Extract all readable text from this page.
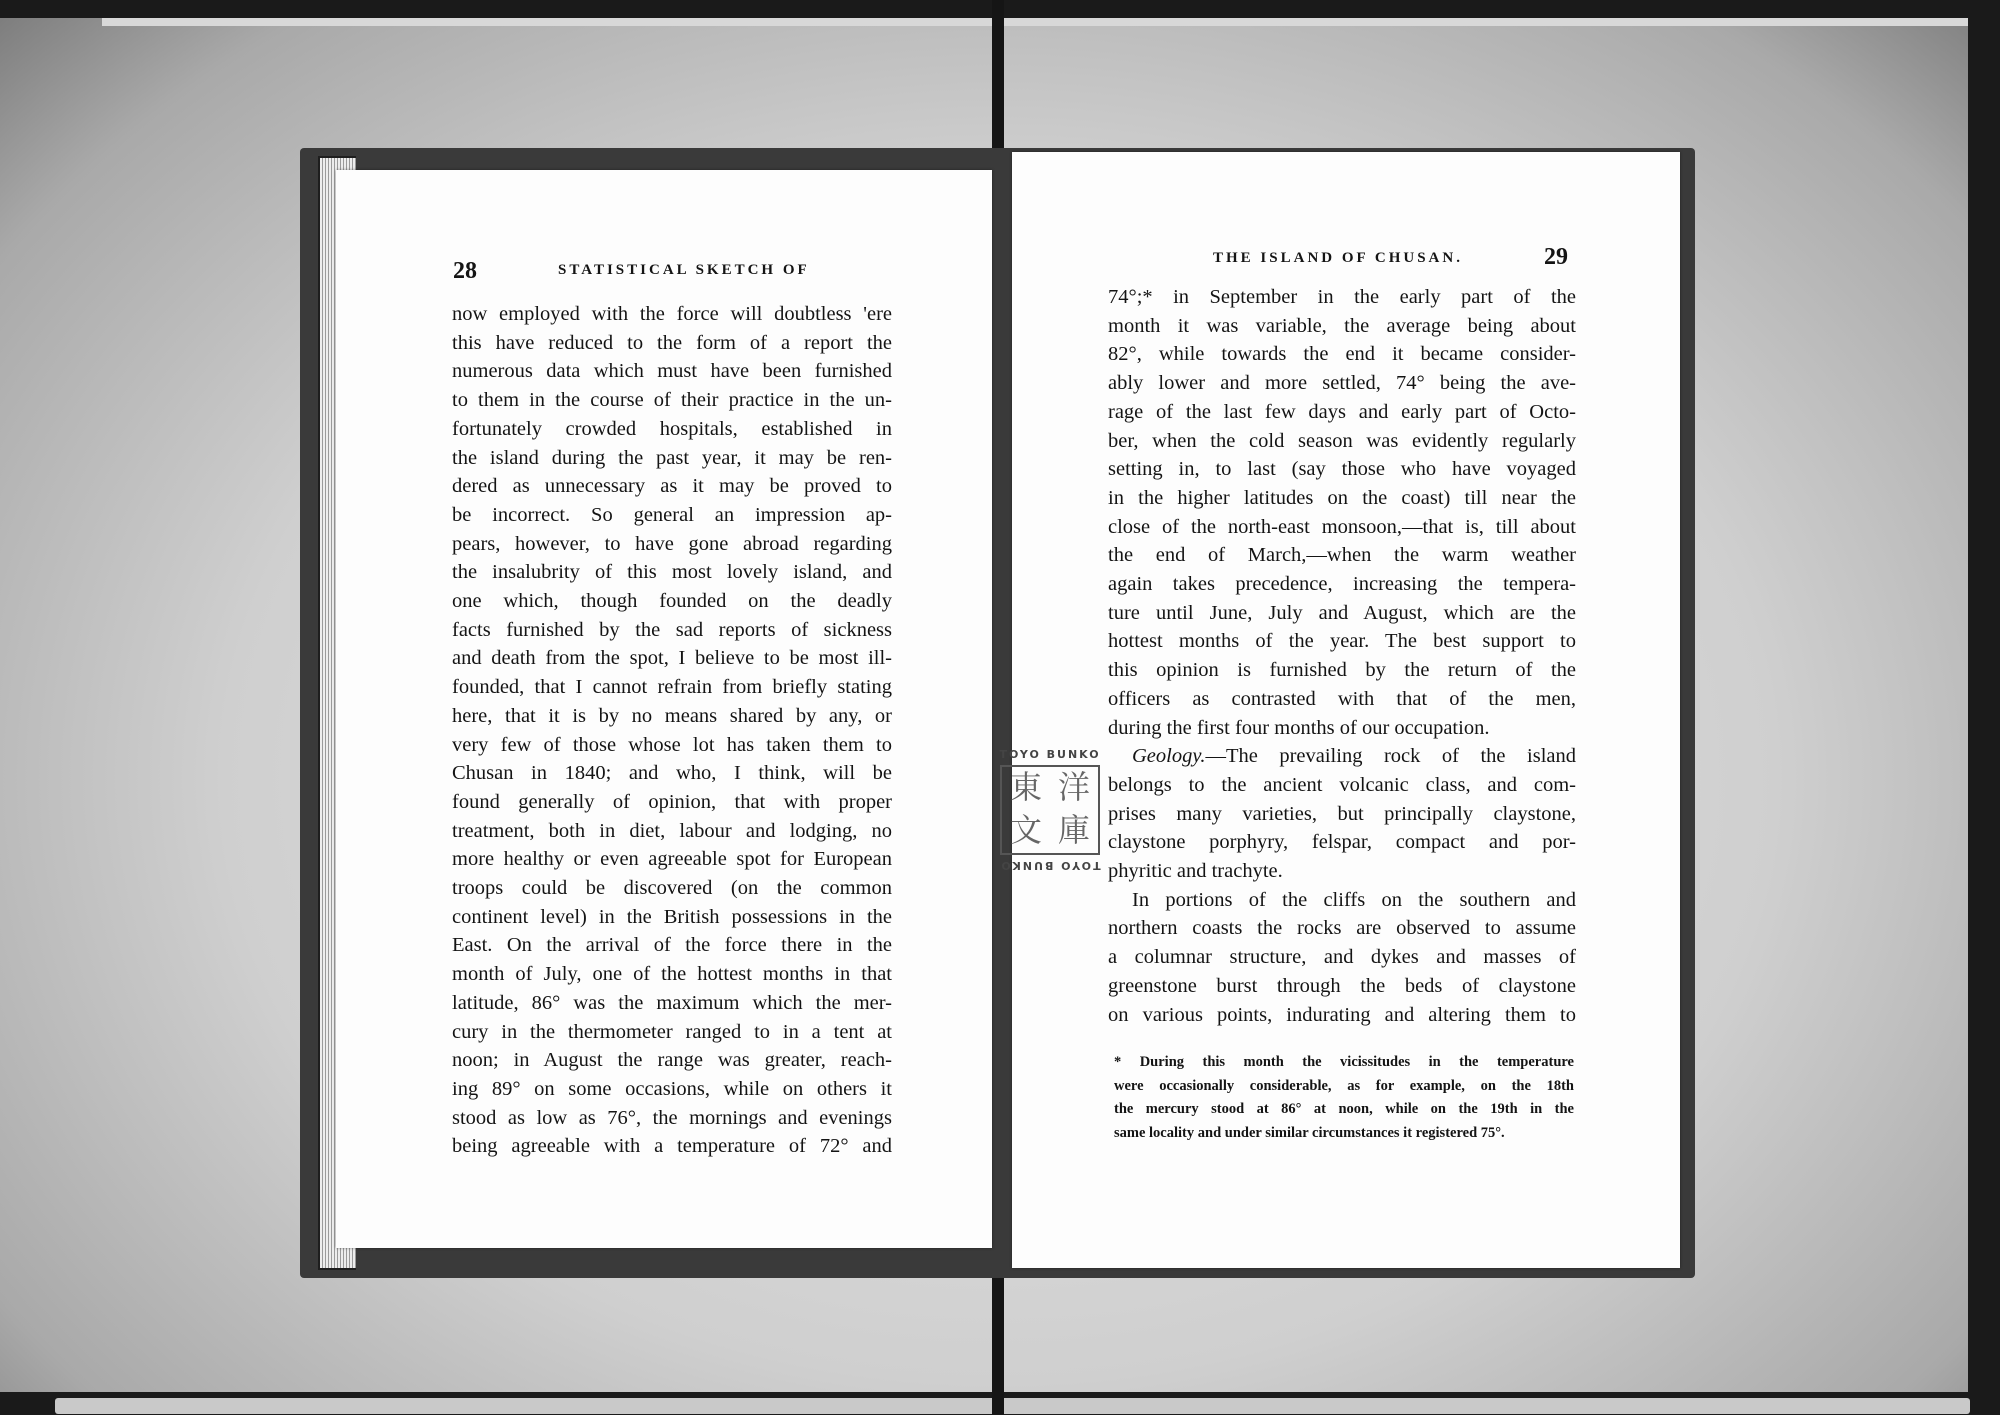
28	STATISTICAL SKETCH OF
now employed with the force will doubtless 'ere
this have reduced to the form of a report the
numerous data which must have been furnished
to them in the course of their practice in the un-
fortunately crowded hospitals, established in
the island during the past year, it may be ren-
dered as unnecessary as it may be proved to
be incorrect. So general an impression ap-
pears, however, to have gone abroad regarding
the insalubrity of this most lovely island, and
one which, though founded on the deadly
facts furnished by the sad reports of sickness
and death from the spot, I believe to be most ill-
founded, that I cannot refrain from briefly stating
here, that it is by no means shared by any, or
very few of those whose lot has taken them to
Chusan in 1840; and who, I think, will be
found generally of opinion, that with proper
treatment, both in diet, labour and lodging, no
more healthy or even agreeable spot for European
troops could be discovered (on the common
continent level) in the British possessions in the
East. On the arrival of the force there in the
month of July, one of the hottest months in that
latitude, 86° was the maximum which the mer-
cury in the thermometer ranged to in a tent at
noon; in August the range was greater, reach-
ing 89° on some occasions, while on others it
stood as low as 76°, the mornings and evenings
being agreeable with a temperature of 72° and
THE ISLAND OF CHUSAN.	29
74°;* in September in the early part of the
month it was variable, the average being about
82°, while towards the end it became consider-
ably lower and more settled, 74° being the ave-
rage of the last few days and early part of Octo-
ber, when the cold season was evidently regularly
setting in, to last (say those who have voyaged
in the higher latitudes on the coast) till near the
close of the north-east monsoon,—that is, till about
the end of March,—when the warm weather
again takes precedence, increasing the tempera-
ture until June, July and August, which are the
hottest months of the year. The best support to
this opinion is furnished by the return of the
officers as contrasted with that of the men,
during the first four months of our occupation.
Geology.—The prevailing rock of the island
belongs to the ancient volcanic class, and com-
prises many varieties, but principally claystone,
claystone porphyry, felspar, compact and por-
phyritic and trachyte.
In portions of the cliffs on the southern and
northern coasts the rocks are observed to assume
a columnar structure, and dykes and masses of
greenstone burst through the beds of claystone
on various points, indurating and altering them to
* During this month the vicissitudes in the temperature
were occasionally considerable, as for example, on the 18th
the mercury stood at 86° at noon, while on the 19th in the
same locality and under similar circumstances it registered 75°.
TOYO BUNKO
東 洋
文 庫
TOYO BUNKO
